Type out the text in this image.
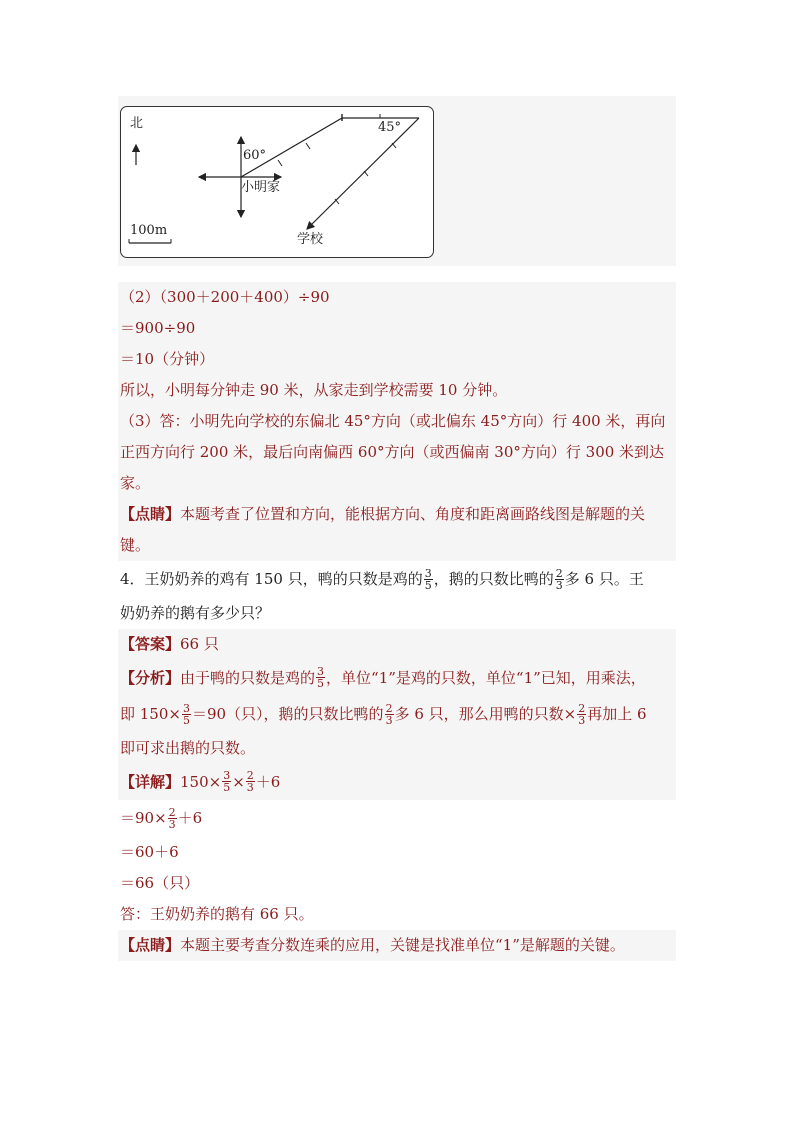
北
60°
45°
小明家
学校
100m
（2）（300＋200＋400）÷90
＝900÷90
＝10（分钟）
所以，小明每分钟走 90 米，从家走到学校需要 10 分钟。
（3）答：小明先向学校的东偏北 45°方向（或北偏东 45°方向）行 400 米，再向
正西方向行 200 米，最后向南偏西 60°方向（或西偏南 30°方向）行 300 米到达
家。
【点睛】本题考查了位置和方向，能根据方向、角度和距离画路线图是解题的关
键。
4．王奶奶养的鸡有 150 只，鸭的只数是鸡的 $\frac{3}{5}$ ，鹅的只数比鸭的 $\frac{2}{3}$ 多 6 只。王
奶奶养的鹅有多少只？
【答案】66 只
【分析】由于鸭的只数是鸡的 $\frac{3}{5}$ ，单位“1”是鸡的只数，单位“1”已知，用乘法，
即 $150\times \frac{3}{5} =90$（只），鹅的只数比鸭的 $\frac{2}{3}$ 多 6 只，那么用鸭的只数× $\frac{2}{3}$ 再加上 6
即可求出鹅的只数。
【详解】$150\times \frac{3}{5} \times \frac{2}{3} +6$
$=90\times \frac{2}{3} +6$
＝60＋6
＝66（只）
答：王奶奶养的鹅有 66 只。
【点睛】本题主要考查分数连乘的应用，关键是找准单位“1”是解题的关键。
